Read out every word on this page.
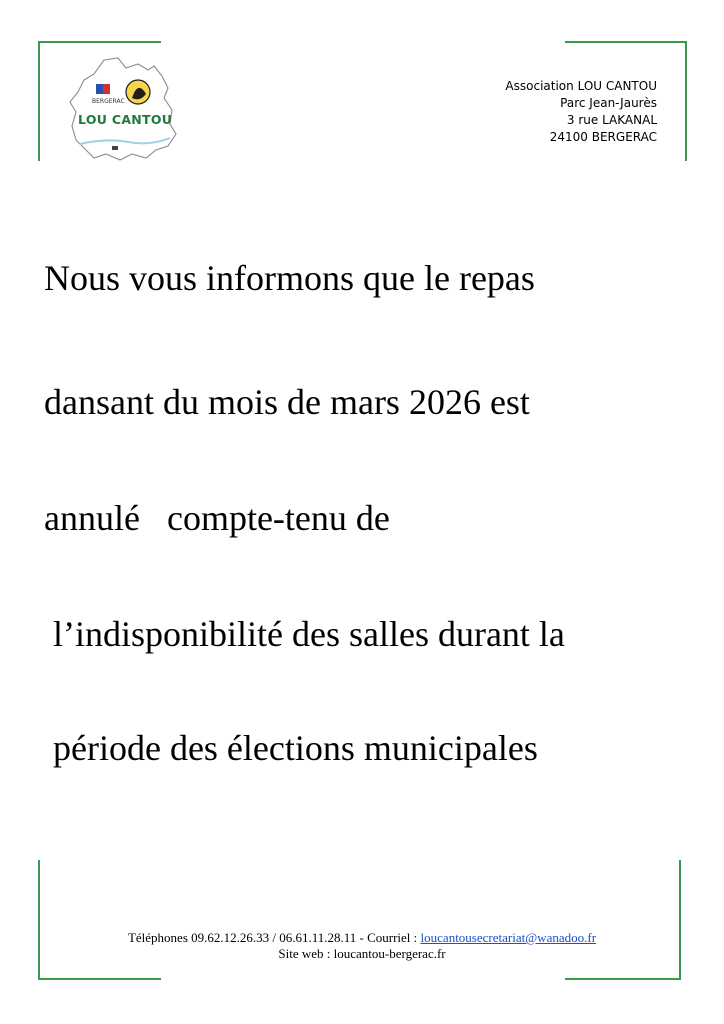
BERGERAC
LOU CANTOU
Association LOU CANTOU
Parc Jean-Jaurès
3 rue LAKANAL
24100 BERGERAC
Nous vous informons que le repas
dansant du mois de mars 2026 est
annulé   compte-tenu de
l’indisponibilité des salles durant la
période des élections municipales
Téléphones 09.62.12.26.33 / 06.61.11.28.11 - Courriel : loucantousecretariat@wanadoo.fr
Site web : loucantou-bergerac.fr
